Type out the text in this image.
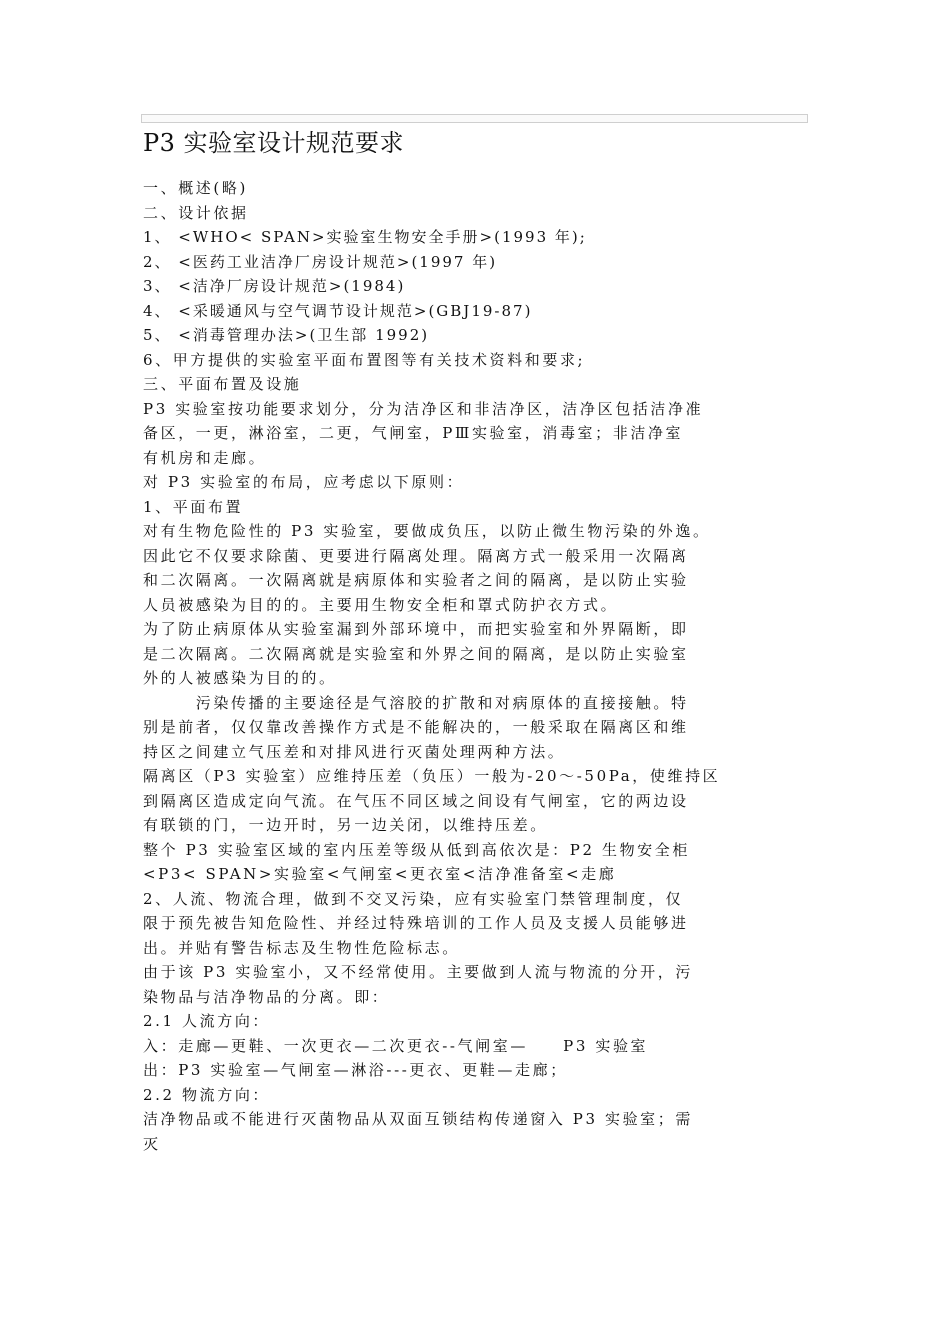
P3 实验室设计规范要求
一、概述(略)
二、设计依据
1、 <WHO< SPAN>实验室生物安全手册>(1993 年);
2、 <医药工业洁净厂房设计规范>(1997 年)
3、 <洁净厂房设计规范>(1984)
4、 <采暖通风与空气调节设计规范>(GBJ19-87)
5、 <消毒管理办法>(卫生部 1992)
6、甲方提供的实验室平面布置图等有关技术资料和要求;
三、平面布置及设施
P3 实验室按功能要求划分，分为洁净区和非洁净区，洁净区包括洁净准
备区，一更，淋浴室，二更，气闸室，PⅢ实验室，消毒室；非洁净室
有机房和走廊。
对 P3 实验室的布局，应考虑以下原则：
1、平面布置
对有生物危险性的 P3 实验室，要做成负压，以防止微生物污染的外逸。
因此它不仅要求除菌、更要进行隔离处理。隔离方式一般采用一次隔离
和二次隔离。一次隔离就是病原体和实验者之间的隔离，是以防止实验
人员被感染为目的的。主要用生物安全柜和罩式防护衣方式。
为了防止病原体从实验室漏到外部环境中，而把实验室和外界隔断，即
是二次隔离。二次隔离就是实验室和外界之间的隔离，是以防止实验室
外的人被感染为目的的。
　　　污染传播的主要途径是气溶胶的扩散和对病原体的直接接触。特
别是前者，仅仅靠改善操作方式是不能解决的，一般采取在隔离区和维
持区之间建立气压差和对排风进行灭菌处理两种方法。
隔离区（P3 实验室）应维持压差（负压）一般为-20～-50Pa，使维持区
到隔离区造成定向气流。在气压不同区域之间设有气闸室，它的两边设
有联锁的门，一边开时，另一边关闭，以维持压差。
整个 P3 实验室区域的室内压差等级从低到高依次是：P2 生物安全柜
<P3< SPAN>实验室<气闸室<更衣室<洁净准备室<走廊
2、人流、物流合理，做到不交叉污染，应有实验室门禁管理制度，仅
限于预先被告知危险性、并经过特殊培训的工作人员及支援人员能够进
出。并贴有警告标志及生物性危险标志。
由于该 P3 实验室小，又不经常使用。主要做到人流与物流的分开，污
染物品与洁净物品的分离。即：
2.1 人流方向：
入：走廊—更鞋、一次更衣—二次更衣--气闸室—　　P3 实验室
出：P3 实验室—气闸室—淋浴---更衣、更鞋—走廊；
2.2 物流方向：
洁净物品或不能进行灭菌物品从双面互锁结构传递窗入 P3 实验室；需
灭
